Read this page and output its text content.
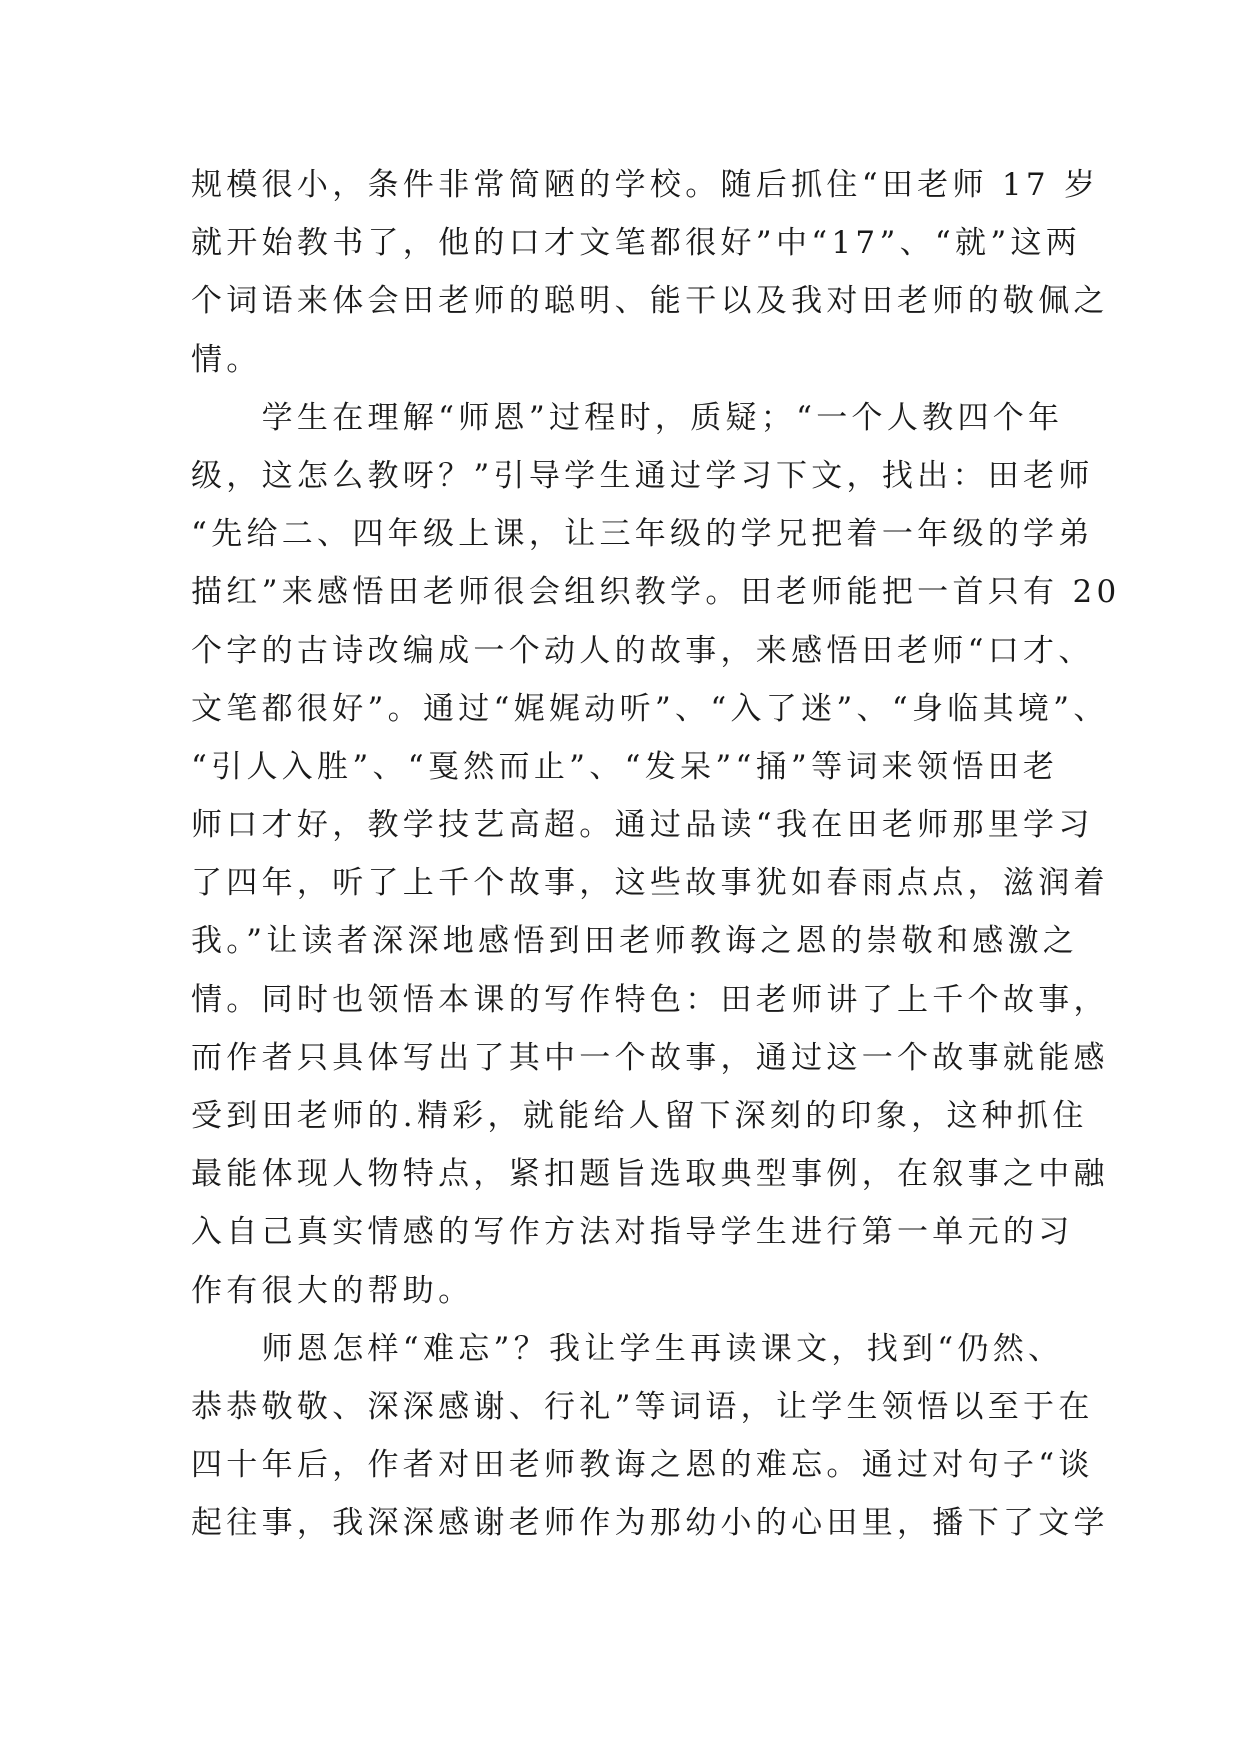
规模很小，条件非常简陋的学校。随后抓住“田老师 17 岁
就开始教书了，他的口才文笔都很好”中“17”、“就”这两
个词语来体会田老师的聪明、能干以及我对田老师的敬佩之
情。
　　学生在理解“师恩”过程时，质疑；“一个人教四个年
级，这怎么教呀？”引导学生通过学习下文，找出：田老师
“先给二、四年级上课，让三年级的学兄把着一年级的学弟
描红”来感悟田老师很会组织教学。田老师能把一首只有 20
个字的古诗改编成一个动人的故事，来感悟田老师“口才、
文笔都很好”。通过“娓娓动听”、“入了迷”、“身临其境”、
“引人入胜”、“戛然而止”、“发呆”“捅”等词来领悟田老
师口才好，教学技艺高超。通过品读“我在田老师那里学习
了四年，听了上千个故事，这些故事犹如春雨点点，滋润着
我。”让读者深深地感悟到田老师教诲之恩的崇敬和感激之
情。同时也领悟本课的写作特色：田老师讲了上千个故事，
而作者只具体写出了其中一个故事，通过这一个故事就能感
受到田老师的.精彩，就能给人留下深刻的印象，这种抓住
最能体现人物特点，紧扣题旨选取典型事例，在叙事之中融
入自己真实情感的写作方法对指导学生进行第一单元的习
作有很大的帮助。
　　师恩怎样“难忘”？我让学生再读课文，找到“仍然、
恭恭敬敬、深深感谢、行礼”等词语，让学生领悟以至于在
四十年后，作者对田老师教诲之恩的难忘。通过对句子“谈
起往事，我深深感谢老师作为那幼小的心田里，播下了文学
